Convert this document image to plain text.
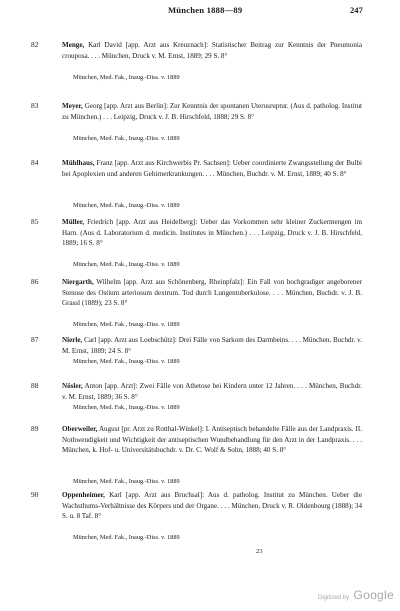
München 1888—89	247
82	Menge, Karl David [app. Arzt aus Kreuznach]: Statistischer Beitrag zur Kenntnis der Pneumonia crouposa. . . . München, Druck v. M. Ernst, 1889; 29 S. 8°
München, Med. Fak., Inaug.-Diss. v. 1889
83	Meyer, Georg [app. Arzt aus Berlin]: Zur Kenntnis der spontanen Uterusruptur. (Aus d. patholog. Institut zu München.) . . . Leipzig, Druck v. J. B. Hirschfeld, 1888; 29 S. 8°
München, Med. Fak., Inaug.-Diss. v. 1889
84	Mühlhaus, Franz [app. Arzt aus Kirchwerbis Pr. Sachsen]: Ueber coordinierte Zwangsstellung der Bulbi bei Apoplexien und anderen Gehirnerkrankungen. . . . München, Buchdr. v. M. Ernst, 1889; 40 S. 8°
München, Med. Fak., Inaug.-Diss. v. 1889
85	Müller, Friedrich [app. Arzt aus Heidelberg]: Ueber das Vorkommen sehr kleiner Zuckermengen im Harn. (Aus d. Laboratorium d. medicin. Institutes in München.) . . . Leipzig, Druck v. J. B. Hirschfeld, 1889; 16 S. 8°
München, Med. Fak., Inaug.-Diss. v. 1889
86	Niergarth, Wilhelm [app. Arzt aus Schönenberg, Rheinpfalz]: Ein Fall von hochgradiger angeborener Stenose des Ostium arteriosum dextrum. Tod durch Lungentuberkulose. . . . München, Buchdr. v. J. B. Grassl (1889); 23 S. 8°
München, Med. Fak., Inaug.-Diss. v. 1889
87	Nierle, Carl [app. Arzt aus Loebschütz]: Drei Fälle von Sarkom des Darmbeins. . . . München, Buchdr. v. M. Ernst, 1889; 24 S. 8°
München, Med. Fak., Inaug.-Diss. v. 1889
88	Nösler, Anton [app. Arzt]: Zwei Fälle von Athetose bei Kindern unter 12 Jahren. . . . München, Buchdr. v. M. Ernst, 1889; 36 S. 8°
München, Med. Fak., Inaug.-Diss. v. 1889
89	Oberweiler, August [pr. Arzt zu Rotthal-Winkel]: I. Antiseptisch behandelte Fälle aus der Landpraxis. II. Nothwendigkeit und Wichtigkeit der antiseptischen Wundbehandlung für den Arzt in der Landpraxis. . . . München, k. Hof- u. Universitätsbuchdr. v. Dr. C. Wolf & Sohn, 1888; 40 S. 8°
München, Med. Fak., Inaug.-Diss. v. 1889
90	Oppenheimer, Karl [app. Arzt aus Bruchsal]: Aus d. patholog. Institut zu München. Ueber die Wachsthums-Verhältnisse des Körpers und der Organe. . . . München, Druck v. R. Oldenbourg (1888); 34 S. u. 8 Taf. 8°
München, Med. Fak., Inaug.-Diss. v. 1889
23
Digitized by Google
